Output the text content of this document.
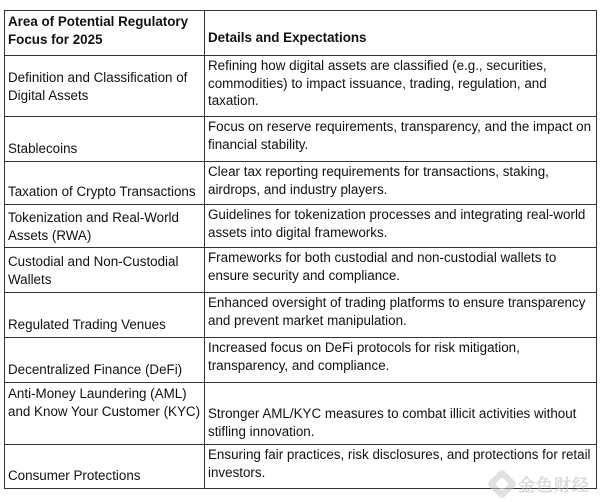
Area of Potential Regulatory Focus for 2025	Details and Expectations
Definition and Classification of Digital Assets	Refining how digital assets are classified (e.g., securities, commodities) to impact issuance, trading, regulation, and taxation.
Stablecoins	Focus on reserve requirements, transparency, and the impact on financial stability.
Taxation of Crypto Transactions	Clear tax reporting requirements for transactions, staking, airdrops, and industry players.
Tokenization and Real-World Assets (RWA)	Guidelines for tokenization processes and integrating real-world assets into digital frameworks.
Custodial and Non-Custodial Wallets	Frameworks for both custodial and non-custodial wallets to ensure security and compliance.
Regulated Trading Venues	Enhanced oversight of trading platforms to ensure transparency and prevent market manipulation.
Decentralized Finance (DeFi)	Increased focus on DeFi protocols for risk mitigation, transparency, and compliance.
Anti-Money Laundering (AML) and Know Your Customer (KYC)	Stronger AML/KYC measures to combat illicit activities without stifling innovation.
Consumer Protections	Ensuring fair practices, risk disclosures, and protections for retail investors.
金色财经
